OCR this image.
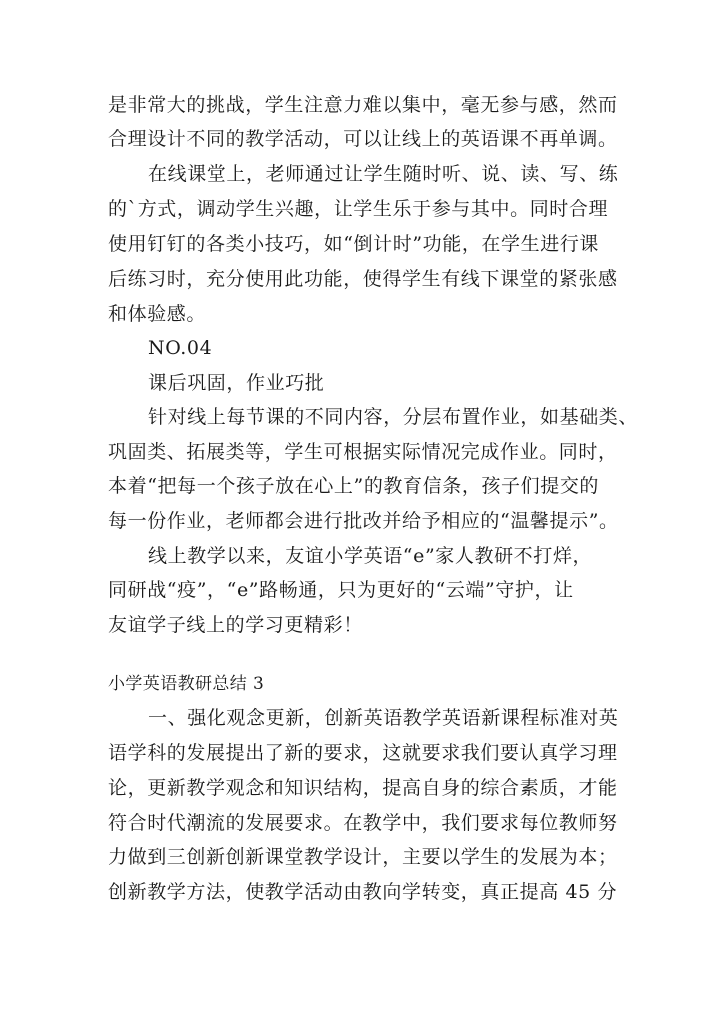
是非常大的挑战，学生注意力难以集中，毫无参与感，然而
合理设计不同的教学活动，可以让线上的英语课不再单调。
在线课堂上，老师通过让学生随时听、说、读、写、练
的`方式，调动学生兴趣，让学生乐于参与其中。同时合理
使用钉钉的各类小技巧，如“倒计时”功能，在学生进行课
后练习时，充分使用此功能，使得学生有线下课堂的紧张感
和体验感。
NO.04
课后巩固，作业巧批
针对线上每节课的不同内容，分层布置作业，如基础类、
巩固类、拓展类等，学生可根据实际情况完成作业。同时，
本着“把每一个孩子放在心上”的教育信条，孩子们提交的
每一份作业，老师都会进行批改并给予相应的“温馨提示”。
线上教学以来，友谊小学英语“e”家人教研不打烊，
同研战“疫”，“e”路畅通，只为更好的“云端”守护，让
友谊学子线上的学习更精彩！
小学英语教研总结 3
一、强化观念更新，创新英语教学英语新课程标准对英
语学科的发展提出了新的要求，这就要求我们要认真学习理
论，更新教学观念和知识结构，提高自身的综合素质，才能
符合时代潮流的发展要求。在教学中，我们要求每位教师努
力做到三创新创新课堂教学设计，主要以学生的发展为本；
创新教学方法，使教学活动由教向学转变，真正提高 45 分
